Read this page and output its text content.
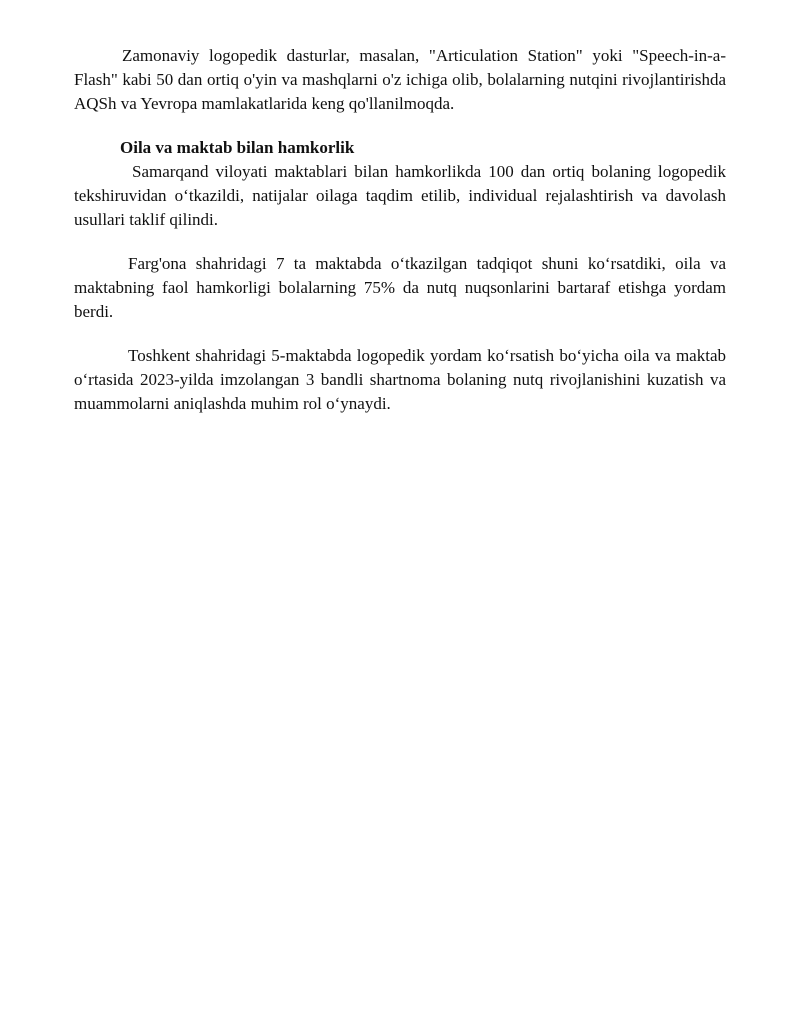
Zamonaviy logopedik dasturlar, masalan, "Articulation Station" yoki "Speech-in-a-Flash" kabi 50 dan ortiq o'yin va mashqlarni o'z ichiga olib, bolalarning nutqini rivojlantirishda AQSh va Yevropa mamlakatlarida keng qo'llanilmoqda.

Oila va maktab bilan hamkorlik

Samarqand viloyati maktablari bilan hamkorlikda 100 dan ortiq bolaning logopedik tekshiruvidan oʻtkazildi, natijalar oilaga taqdim etilib, individual rejalashtirish va davolash usullari taklif qilindi.

Farg'ona shahridagi 7 ta maktabda oʻtkazilgan tadqiqot shuni koʻrsatdiki, oila va maktabning faol hamkorligi bolalarning 75% da nutq nuqsonlarini bartaraf etishga yordam berdi.

Toshkent shahridagi 5-maktabda logopedik yordam koʻrsatish boʻyicha oila va maktab oʻrtasida 2023-yilda imzolangan 3 bandli shartnoma bolaning nutq rivojlanishini kuzatish va muammolarni aniqlashda muhim rol oʻynaydi.
